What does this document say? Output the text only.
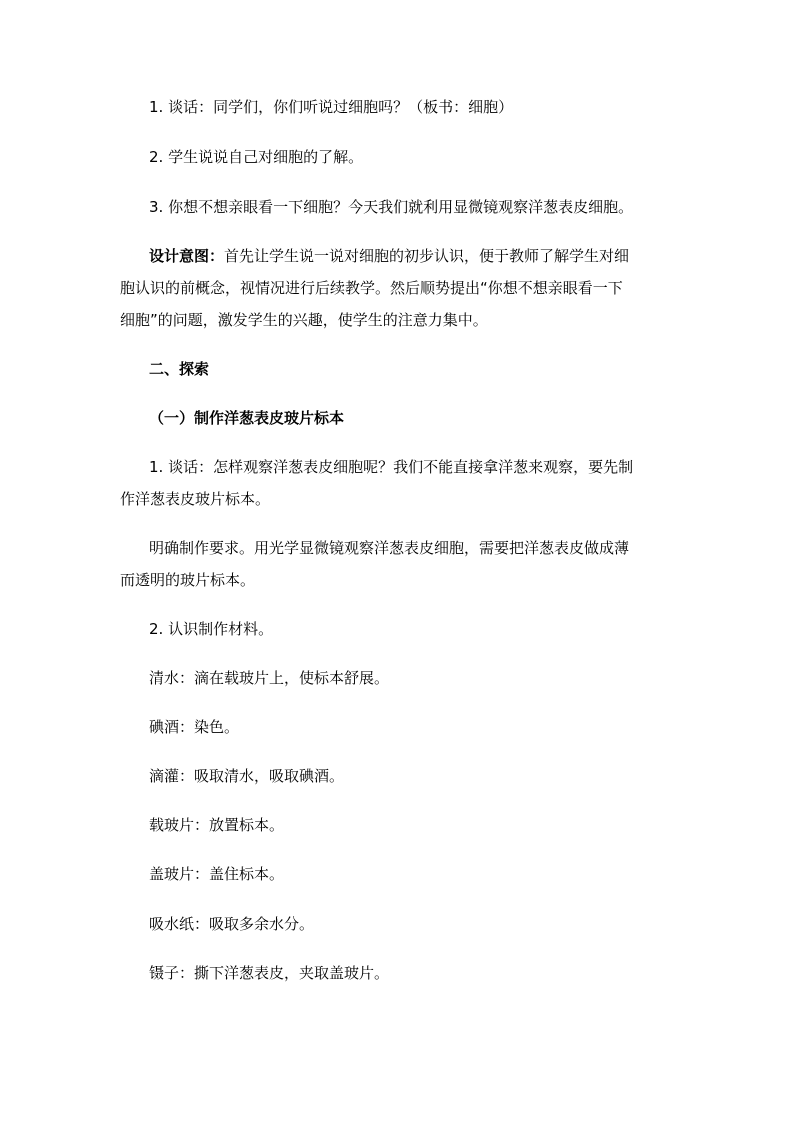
1. 谈话：同学们，你们听说过细胞吗？（板书：细胞）
2. 学生说说自己对细胞的了解。
3. 你想不想亲眼看一下细胞？今天我们就利用显微镜观察洋葱表皮细胞。
设计意图：首先让学生说一说对细胞的初步认识，便于教师了解学生对细
胞认识的前概念，视情况进行后续教学。然后顺势提出“你想不想亲眼看一下
细胞”的问题，激发学生的兴趣，使学生的注意力集中。
二、探索
（一）制作洋葱表皮玻片标本
1. 谈话：怎样观察洋葱表皮细胞呢？我们不能直接拿洋葱来观察，要先制
作洋葱表皮玻片标本。
明确制作要求。用光学显微镜观察洋葱表皮细胞，需要把洋葱表皮做成薄
而透明的玻片标本。
2. 认识制作材料。
清水：滴在载玻片上，使标本舒展。
碘酒：染色。
滴灌：吸取清水，吸取碘酒。
载玻片：放置标本。
盖玻片：盖住标本。
吸水纸：吸取多余水分。
镊子：撕下洋葱表皮，夹取盖玻片。
